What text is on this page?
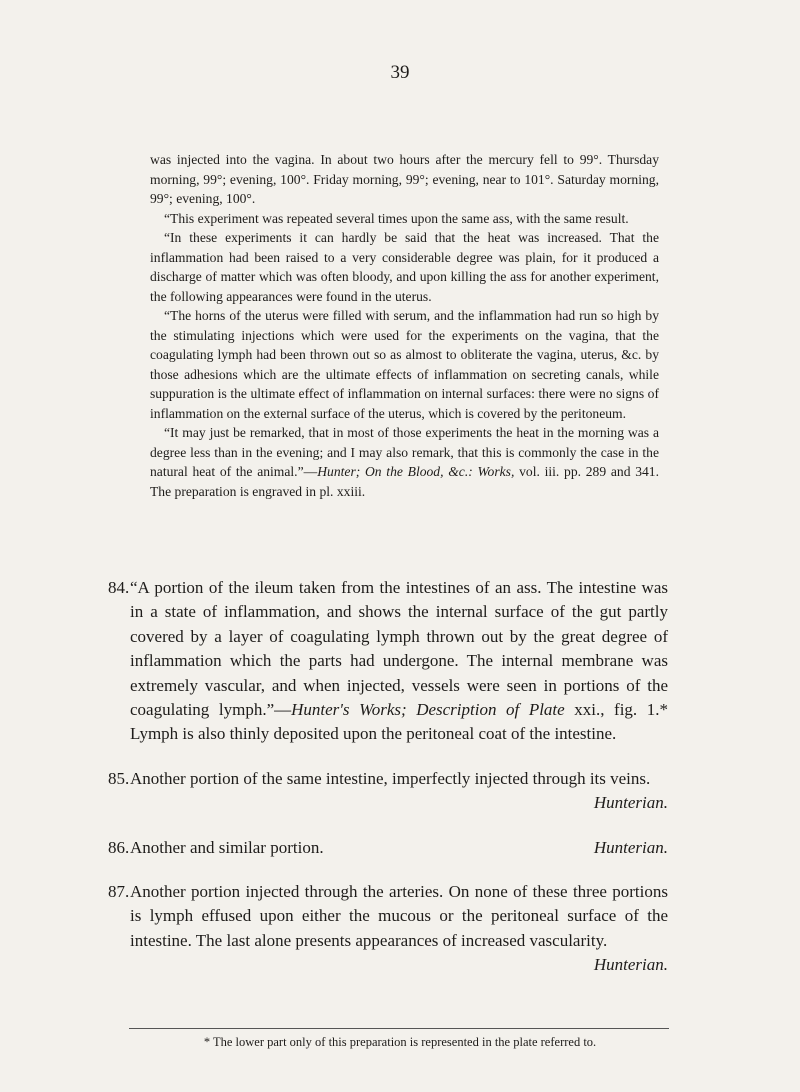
39

was injected into the vagina. In about two hours after the mercury fell to 99°. Thursday morning, 99°; evening, 100°. Friday morning, 99°; evening, near to 101°. Saturday morning, 99°; evening, 100°.

“This experiment was repeated several times upon the same ass, with the same result.

“In these experiments it can hardly be said that the heat was increased. That the inflammation had been raised to a very considerable degree was plain, for it produced a discharge of matter which was often bloody, and upon killing the ass for another experiment, the following appearances were found in the uterus.

“The horns of the uterus were filled with serum, and the inflammation had run so high by the stimulating injections which were used for the experiments on the vagina, that the coagulating lymph had been thrown out so as almost to obliterate the vagina, uterus, &c. by those adhesions which are the ultimate effects of inflammation on secreting canals, while suppuration is the ultimate effect of inflammation on internal surfaces: there were no signs of inflammation on the external surface of the uterus, which is covered by the peritoneum.

“It may just be remarked, that in most of those experiments the heat in the morning was a degree less than in the evening; and I may also remark, that this is commonly the case in the natural heat of the animal.”—Hunter; On the Blood, &c.: Works, vol. iii. pp. 289 and 341. The preparation is engraved in pl. xxiii.

84. “A portion of the ileum taken from the intestines of an ass. The intestine was in a state of inflammation, and shows the internal surface of the gut partly covered by a layer of coagulating lymph thrown out by the great degree of inflammation which the parts had undergone. The internal membrane was extremely vascular, and when injected, vessels were seen in portions of the coagulating lymph.”—Hunter's Works; Description of Plate xxi., fig. 1.* Lymph is also thinly deposited upon the peritoneal coat of the intestine.
85. Another portion of the same intestine, imperfectly injected through its veins.
Hunterian.
86. Another and similar portion.	Hunterian.
87. Another portion injected through the arteries. On none of these three portions is lymph effused upon either the mucous or the peritoneal surface of the intestine. The last alone presents appearances of increased vascularity.
Hunterian.
* The lower part only of this preparation is represented in the plate referred to.
